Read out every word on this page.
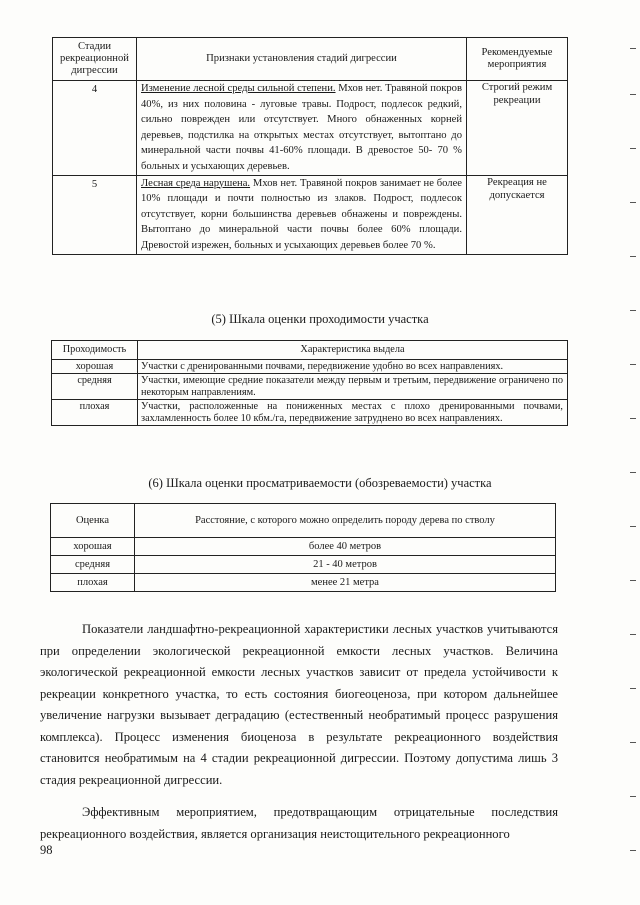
Стадии рекреационной дигрессии	Признаки установления стадий дигрессии	Рекомендуемые мероприятия
4	Изменение лесной среды сильной степени. Мхов нет. Травяной покров 40%, из них половина - луговые травы. Подрост, подлесок редкий, сильно поврежден или отсутствует. Много обнаженных корней деревьев, подстилка на открытых местах отсутствует, вытоптано до минеральной части почвы 41-60% площади. В древостое 50- 70 % больных и усыхающих деревьев.	Строгий режим рекреации
5	Лесная среда нарушена. Мхов нет. Травяной покров занимает не более 10% площади и почти полностью из злаков. Подрост, подлесок отсутствует, корни большинства деревьев обнажены и повреждены. Вытоптано до минеральной части почвы более 60% площади. Древостой изрежен, больных и усыхающих деревьев более 70 %.	Рекреация не допускается
(5) Шкала оценки проходимости участка
Проходимость	Характеристика выдела
хорошая	Участки с дренированными почвами, передвижение удобно во всех направлениях.
средняя	Участки, имеющие средние показатели между первым и третьим, передвижение ограничено по некоторым направлениям.
плохая	Участки, расположенные на пониженных местах с плохо дренированными почвами, захламленность более 10 кбм./га, передвижение затруднено во всех направлениях.
(6) Шкала оценки просматриваемости (обозреваемости) участка
Оценка	Расстояние, с которого можно определить породу дерева по стволу
хорошая	более 40 метров
средняя	21 - 40 метров
плохая	менее 21 метра

Показатели ландшафтно-рекреационной характеристики лесных участков учитываются при определении экологической рекреационной емкости лесных участков. Величина экологической рекреационной емкости лесных участков зависит от предела устойчивости к рекреации конкретного участка, то есть состояния биогеоценоза, при котором дальнейшее увеличение нагрузки вызывает деградацию (естественный необратимый процесс разрушения комплекса). Процесс изменения биоценоза в результате рекреационного воздействия становится необратимым на 4 стадии рекреационной дигрессии. Поэтому допустима лишь 3 стадия рекреационной дигрессии.

Эффективным мероприятием, предотвращающим отрицательные последствия рекреационного воздействия, является организация неистощительного рекреационного

98
